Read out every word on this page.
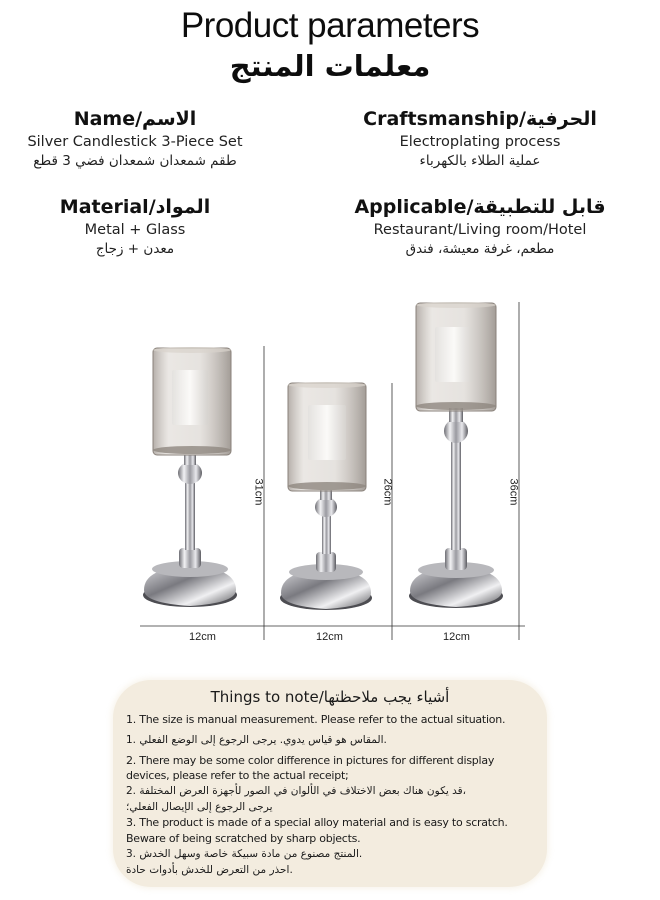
Product parameters
معلمات المنتج
Name/الاسم
Silver Candlestick 3-Piece Set
طقم شمعدان شمعدان فضي 3 قطع
Craftsmanship/الحرفية
Electroplating process
عملية الطلاء بالكهرباء
Material/المواد
Metal + Glass
معدن + زجاج
Applicable/قابل للتطبيقة
Restaurant/Living room/Hotel
مطعم، غرفة معيشة، فندق
31cm	26cm	36cm
12cm	12cm	12cm
Things to note/أشياء يجب ملاحظتها
1. The size is manual measurement. Please refer to the actual situation.
1. المقاس هو قياس يدوي. يرجى الرجوع إلى الوضع الفعلي.
2. There may be some color difference in pictures for different display
devices, please refer to the actual receipt;
2. قد يكون هناك بعض الاختلاف في الألوان في الصور لأجهزة العرض المختلفة،
يرجى الرجوع إلى الإيصال الفعلي؛
3. The product is made of a special alloy material and is easy to scratch.
Beware of being scratched by sharp objects.
3. المنتج مصنوع من مادة سبيكة خاصة وسهل الخدش.
احذر من التعرض للخدش بأدوات حادة.
